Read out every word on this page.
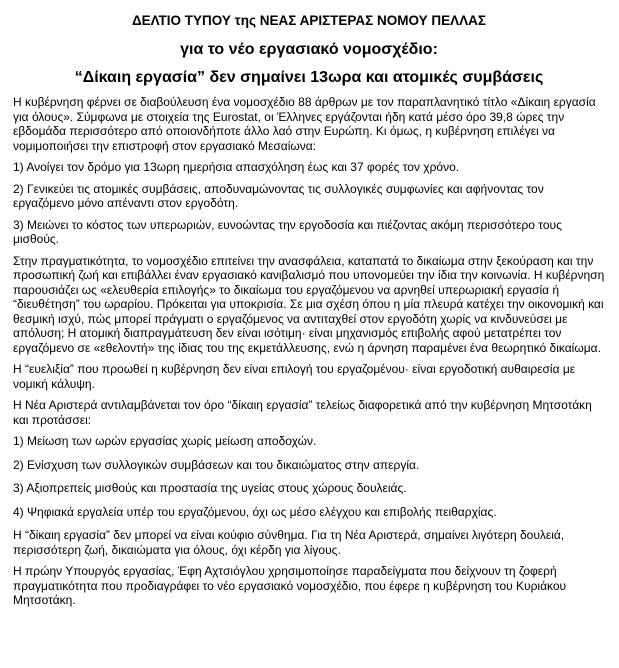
ΔΕΛΤΙΟ ΤΥΠΟΥ της ΝΕΑΣ ΑΡΙΣΤΕΡΑΣ ΝΟΜΟΥ ΠΕΛΛΑΣ
για το νέο εργασιακό νομοσχέδιο:
“Δίκαιη εργασία” δεν σημαίνει 13ωρα και ατομικές συμβάσεις

Η κυβέρνηση φέρνει σε διαβούλευση ένα νομοσχέδιο 88 άρθρων με τον παραπλανητικό τίτλο «Δίκαιη εργασία για όλους». Σύμφωνα με στοιχεία της Eurostat, οι Έλληνες εργάζονται ήδη κατά μέσο όρο 39,8 ώρες την εβδομάδα περισσότερο από οποιονδήποτε άλλο λαό στην Ευρώπη. Κι όμως, η κυβέρνηση επιλέγει να νομιμοποιήσει την επιστροφή στον εργασιακό Μεσαίωνα:

1) Ανοίγει τον δρόμο για 13ωρη ημερήσια απασχόληση έως και 37 φορές τον χρόνο.

2) Γενικεύει τις ατομικές συμβάσεις, αποδυναμώνοντας τις συλλογικές συμφωνίες και αφήνοντας τον εργαζόμενο μόνο απέναντι στον εργοδότη.

3) Μειώνει το κόστος των υπερωριών, ευνοώντας την εργοδοσία και πιέζοντας ακόμη περισσότερο τους μισθούς.

Στην πραγματικότητα, το νομοσχέδιο επιτείνει την ανασφάλεια, καταπατά το δικαίωμα στην ξεκούραση και την προσωπική ζωή και επιβάλλει έναν εργασιακό κανιβαλισμό που υπονομεύει την ίδια την κοινωνία. Η κυβέρνηση παρουσιάζει ως «ελευθερία επιλογής» το δικαίωμα του εργαζόμενου να αρνηθεί υπερωριακή εργασία ή “διευθέτηση” του ωραρίου. Πρόκειται για υποκρισία. Σε μια σχέση όπου η μία πλευρά κατέχει την οικονομική και θεσμική ισχύ, πώς μπορεί πράγματι ο εργαζόμενος να αντιταχθεί στον εργοδότη χωρίς να κινδυνεύσει με απόλυση; Η ατομική διαπραγμάτευση δεν είναι ισότιμη· είναι μηχανισμός επιβολής αφού μετατρέπει τον εργαζόμενο σε «εθελοντή» της ίδιας του της εκμετάλλευσης, ενώ η άρνηση παραμένει ένα θεωρητικό δικαίωμα.

Η “ευελιξία” που προωθεί η κυβέρνηση δεν είναι επιλογή του εργαζομένου· είναι εργοδοτική αυθαιρεσία με νομική κάλυψη.

Η Νέα Αριστερά αντιλαμβάνεται τον όρο “δίκαιη εργασία” τελείως διαφορετικά από την κυβέρνηση Μητσοτάκη και προτάσσει:

1) Μείωση των ωρών εργασίας χωρίς μείωση αποδοχών.

2) Ενίσχυση των συλλογικών συμβάσεων και του δικαιώματος στην απεργία.

3) Αξιοπρεπείς μισθούς και προστασία της υγείας στους χώρους δουλειάς.

4) Ψηφιακά εργαλεία υπέρ του εργαζόμενου, όχι ως μέσο ελέγχου και επιβολής πειθαρχίας.

Η “δίκαιη εργασία” δεν μπορεί να είναι κούφιο σύνθημα. Για τη Νέα Αριστερά, σημαίνει λιγότερη δουλειά, περισσότερη ζωή, δικαιώματα για όλους, όχι κέρδη για λίγους.

Η πρώην Υπουργός εργασίας, Έφη Αχτσιόγλου χρησιμοποίησε παραδείγματα που δείχνουν τη ζοφερή πραγματικότητα που προδιαγράφει το νέο εργασιακό νομοσχέδιο, που έφερε η κυβέρνηση του Κυριάκου Μητσοτάκη.
